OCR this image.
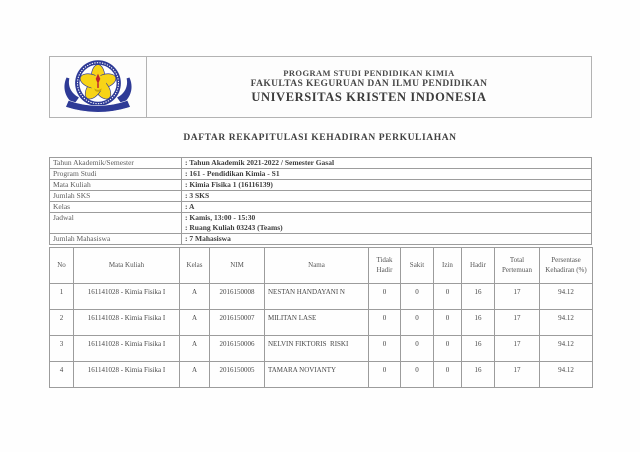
PROGRAM STUDI PENDIDIKAN KIMIA
FAKULTAS KEGURUAN DAN ILMU PENDIDIKAN
UNIVERSITAS KRISTEN INDONESIA
DAFTAR REKAPITULASI KEHADIRAN PERKULIAHAN
Tahun Akademik/Semester	: Tahun Akademik 2021-2022 / Semester Gasal

Program Studi	: 161 - Pendidikan Kimia - S1

Mata Kuliah	: Kimia Fisika 1 (16116139)

Jumlah SKS	: 3 SKS

Kelas	: A

Jadwal	: Kamis, 13:00 - 15:30
: Ruang Kuliah 03243 (Teams)

Jumlah Mahasiswa	: 7 Mahasiswa
No	Mata Kuliah	Kelas	NIM	Nama	Tidak Hadir	Sakit	Izin	Hadir	Total Pertemuan	Persentase Kehadiran (%)
1	161141028 - Kimia Fisika I	A	2016150008	NESTAN HANDAYANI N	0	0	0	16	17	94.12
2	161141028 - Kimia Fisika I	A	2016150007	MILITAN LASE	0	0	0	16	17	94.12
3	161141028 - Kimia Fisika I	A	2016150006	NELVIN FIKTORIS  RISKI	0	0	0	16	17	94.12
4	161141028 - Kimia Fisika I	A	2016150005	TAMARA NOVIANTY	0	0	0	16	17	94.12
